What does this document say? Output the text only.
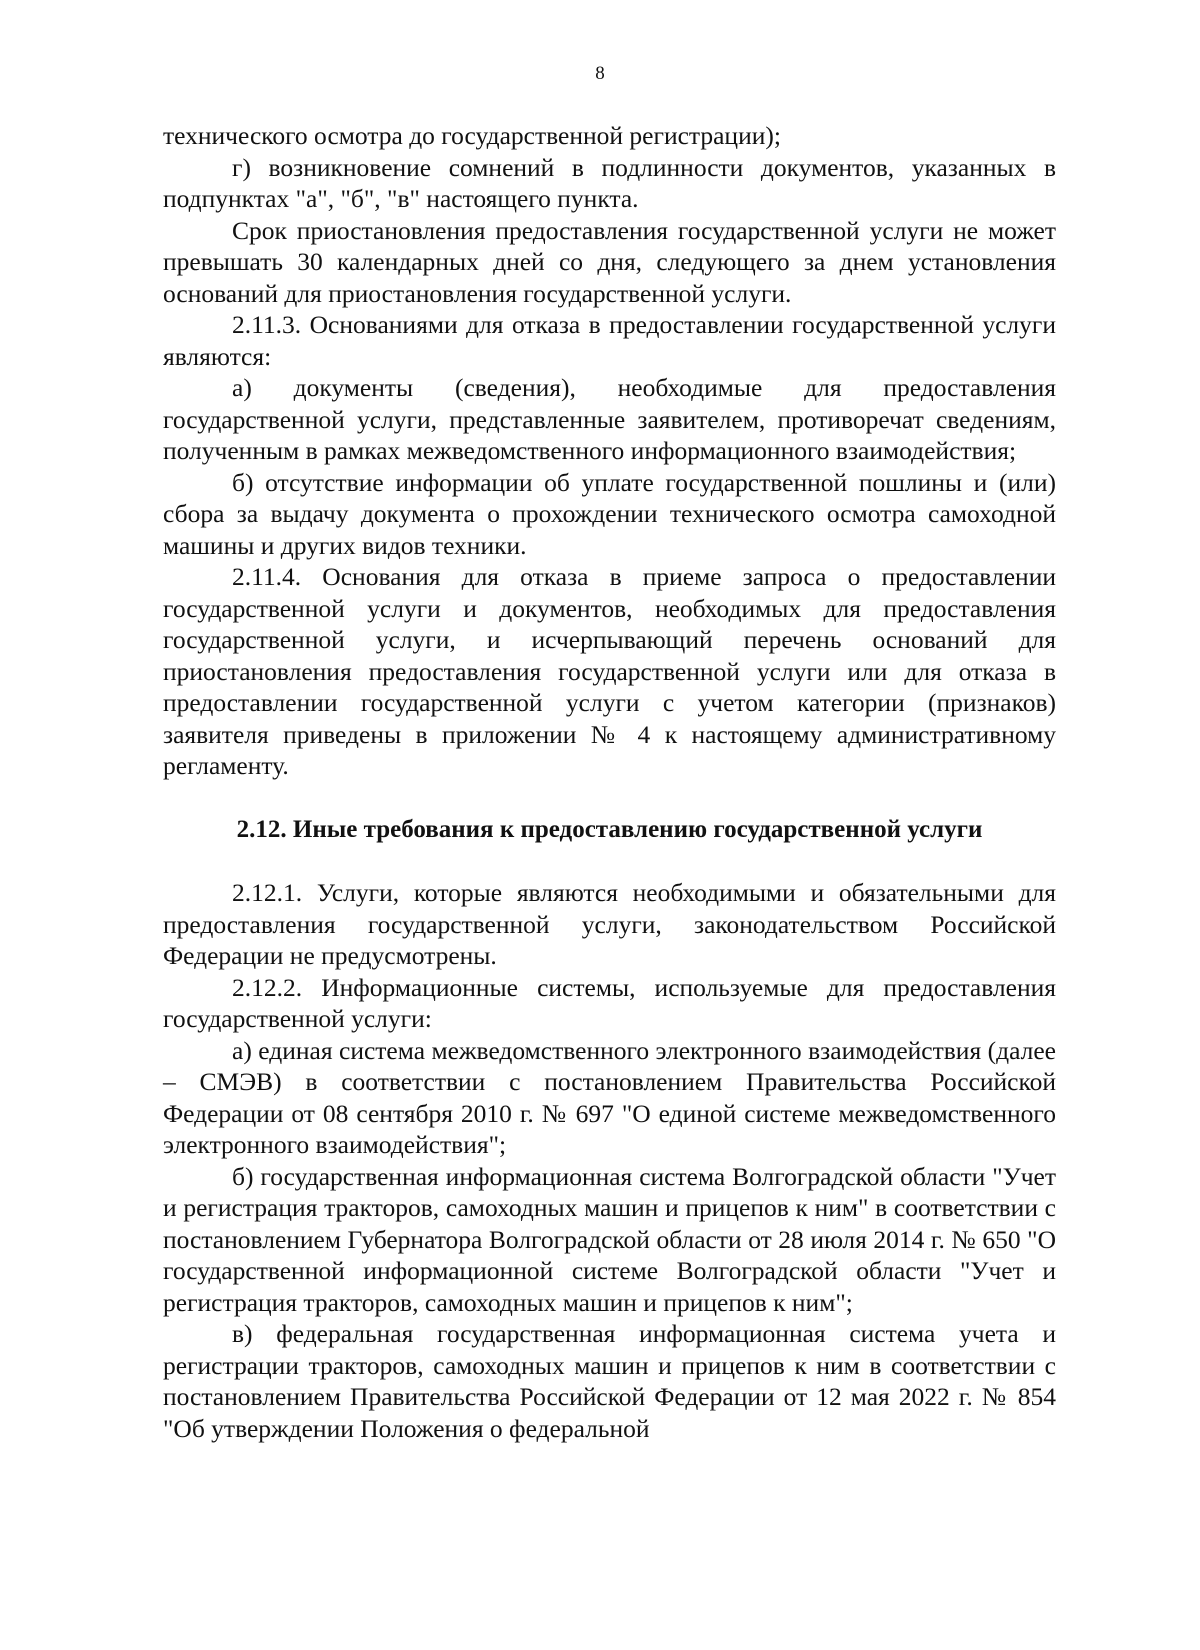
8

технического осмотра до государственной регистрации);

г) возникновение сомнений в подлинности документов, указанных в подпунктах "а", "б", "в" настоящего пункта.

Срок приостановления предоставления государственной услуги не может превышать 30 календарных дней со дня, следующего за днем установления оснований для приостановления государственной услуги.

2.11.3. Основаниями для отказа в предоставлении государственной услуги являются:

а) документы (сведения), необходимые для предоставления государственной услуги, представленные заявителем, противоречат сведениям, полученным в рамках межведомственного информационного взаимодействия;

б) отсутствие информации об уплате государственной пошлины и (или) сбора за выдачу документа о прохождении технического осмотра самоходной машины и других видов техники.

2.11.4. Основания для отказа в приеме запроса о предоставлении государственной услуги и документов, необходимых для предоставления государственной услуги, и исчерпывающий перечень оснований для приостановления предоставления государственной услуги или для отказа в предоставлении государственной услуги с учетом категории (признаков) заявителя приведены в приложении № 4 к настоящему административному регламенту.

2.12. Иные требования к предоставлению государственной услуги

2.12.1. Услуги, которые являются необходимыми и обязательными для предоставления государственной услуги, законодательством Российской Федерации не предусмотрены.

2.12.2. Информационные системы, используемые для предоставления государственной услуги:

а) единая система межведомственного электронного взаимодействия (далее – СМЭВ) в соответствии с постановлением Правительства Российской Федерации от 08 сентября 2010 г. № 697 "О единой системе межведомственного электронного взаимодействия";

б) государственная информационная система Волгоградской области "Учет и регистрация тракторов, самоходных машин и прицепов к ним" в соответствии с постановлением Губернатора Волгоградской области от 28 июля 2014 г. № 650 "О государственной информационной системе Волгоградской области "Учет и регистрация тракторов, самоходных машин и прицепов к ним";

в) федеральная государственная информационная система учета и регистрации тракторов, самоходных машин и прицепов к ним в соответствии с постановлением Правительства Российской Федерации от 12 мая 2022 г. № 854 "Об утверждении Положения о федеральной
